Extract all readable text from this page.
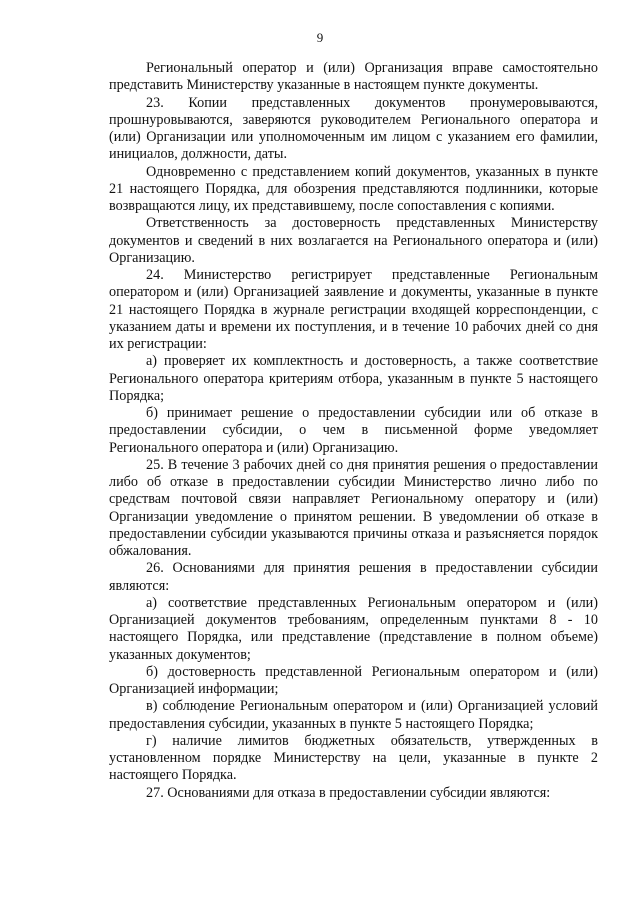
9

Региональный оператор и (или) Организация вправе самостоятельно представить Министерству указанные в настоящем пункте документы.

23. Копии представленных документов пронумеровываются, прошнуровываются, заверяются руководителем Регионального оператора и (или) Организации или уполномоченным им лицом с указанием его фамилии, инициалов, должности, даты.

Одновременно с представлением копий документов, указанных в пункте 21 настоящего Порядка, для обозрения представляются подлинники, которые возвращаются лицу, их представившему, после сопоставления с копиями.

Ответственность за достоверность представленных Министерству документов и сведений в них возлагается на Регионального оператора и (или) Организацию.

24. Министерство регистрирует представленные Региональным оператором и (или) Организацией заявление и документы, указанные в пункте 21 настоящего Порядка в журнале регистрации входящей корреспонденции, с указанием даты и времени их поступления, и в течение 10 рабочих дней со дня их регистрации:

а) проверяет их комплектность и достоверность, а также соответствие Регионального оператора критериям отбора, указанным в пункте 5 настоящего Порядка;

б) принимает решение о предоставлении субсидии или об отказе в предоставлении субсидии, о чем в письменной форме уведомляет Регионального оператора и (или) Организацию.

25. В течение 3 рабочих дней со дня принятия решения о предоставлении либо об отказе в предоставлении субсидии Министерство лично либо по средствам почтовой связи направляет Региональному оператору и (или) Организации уведомление о принятом решении. В уведомлении об отказе в предоставлении субсидии указываются причины отказа и разъясняется порядок обжалования.

26. Основаниями для принятия решения в предоставлении субсидии являются:

а) соответствие представленных Региональным оператором и (или) Организацией документов требованиям, определенным пунктами 8 - 10 настоящего Порядка, или представление (представление в полном объеме) указанных документов;

б) достоверность представленной Региональным оператором и (или) Организацией информации;

в) соблюдение Региональным оператором и (или) Организацией условий предоставления субсидии, указанных в пункте 5 настоящего Порядка;

г) наличие лимитов бюджетных обязательств, утвержденных в установленном порядке Министерству на цели, указанные в пункте 2 настоящего Порядка.

27. Основаниями для отказа в предоставлении субсидии являются:
